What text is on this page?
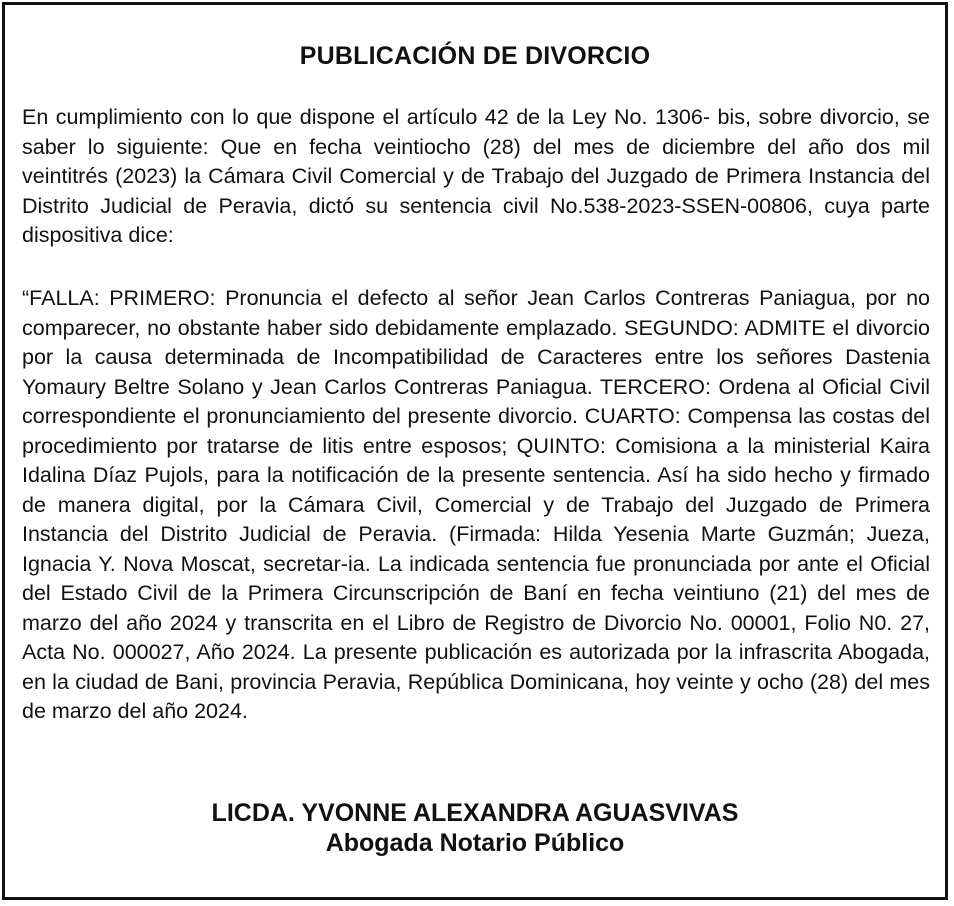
PUBLICACIÓN DE DIVORCIO

En cumplimiento con lo que dispone el artículo 42 de la Ley No. 1306- bis, sobre divorcio, se saber lo siguiente: Que en fecha veintiocho (28) del mes de diciembre del año dos mil veintitrés (2023) la Cámara Civil Comercial y de Trabajo del Juzgado de Primera Instancia del Distrito Judicial de Peravia, dictó su sentencia civil No.538-2023-SSEN-00806, cuya parte dispositiva dice:

“FALLA: PRIMERO: Pronuncia el defecto al señor Jean Carlos Contreras Paniagua, por no comparecer, no obstante haber sido debidamente emplazado. SEGUNDO: ADMITE el divorcio por la causa determinada de Incompatibilidad de Caracteres entre los señores Dastenia Yomaury Beltre Solano y Jean Carlos Contreras Paniagua. TERCERO: Ordena al Oficial Civil correspondiente el pronunciamiento del presente divorcio. CUARTO: Compensa las costas del procedimiento por tratarse de litis entre esposos; QUINTO: Comisiona a la ministerial Kaira Idalina Díaz Pujols, para la notificación de la presente sentencia. Así ha sido hecho y firmado de manera digital, por la Cámara Civil, Comercial y de Trabajo del Juzgado de Primera Instancia del Distrito Judicial de Peravia. (Firmada: Hilda Yesenia Marte Guzmán; Jueza, Ignacia Y. Nova Moscat, secretar-ia. La indicada sentencia fue pronunciada por ante el Oficial del Estado Civil de la Primera Circunscripción de Baní en fecha veintiuno (21) del mes de marzo del año 2024 y transcrita en el Libro de Registro de Divorcio No. 00001, Folio N0. 27, Acta No. 000027, Año 2024. La presente publicación es autorizada por la infrascrita Abogada, en la ciudad de Bani, provincia Peravia, República Dominicana, hoy veinte y ocho (28) del mes de marzo del año 2024.

LICDA. YVONNE ALEXANDRA AGUASVIVAS
Abogada Notario Público
